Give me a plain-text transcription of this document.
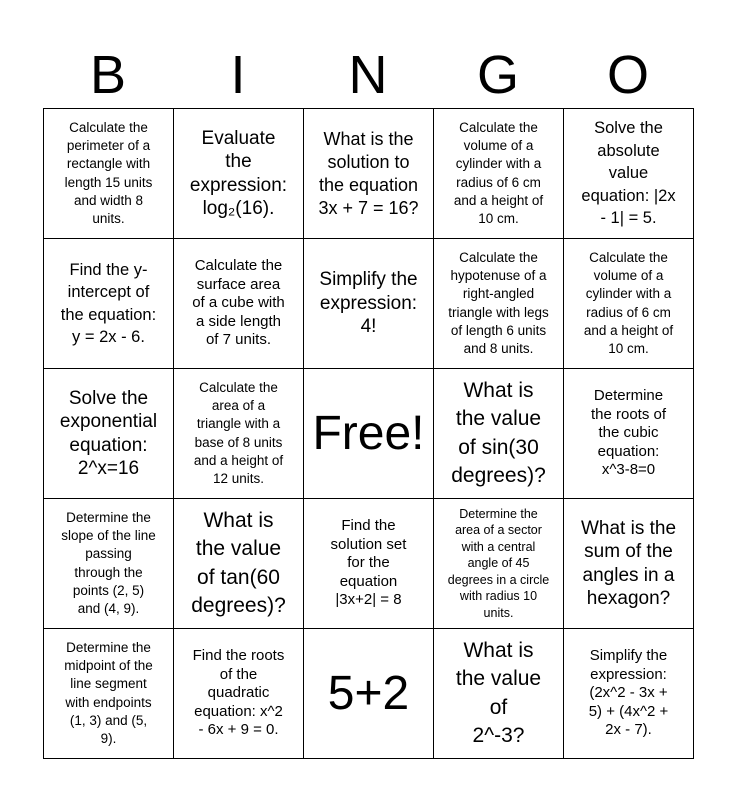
B	I	N	G	O
Calculate the
perimeter of a
rectangle with
length 15 units
and width 8
units.
Evaluate
the
expression:
log₂(16).
What is the
solution to
the equation
3x + 7 = 16?
Calculate the
volume of a
cylinder with a
radius of 6 cm
and a height of
10 cm.
Solve the
absolute
value
equation: |2x
- 1| = 5.
Find the y-
intercept of
the equation:
y = 2x - 6.
Calculate the
surface area
of a cube with
a side length
of 7 units.
Simplify the
expression:
4!
Calculate the
hypotenuse of a
right-angled
triangle with legs
of length 6 units
and 8 units.
Calculate the
volume of a
cylinder with a
radius of 6 cm
and a height of
10 cm.
Solve the
exponential
equation:
2^x=16
Calculate the
area of a
triangle with a
base of 8 units
and a height of
12 units.
Free!
What is
the value
of sin(30
degrees)?
Determine
the roots of
the cubic
equation:
x^3-8=0
Determine the
slope of the line
passing
through the
points (2, 5)
and (4, 9).
What is
the value
of tan(60
degrees)?
Find the
solution set
for the
equation
|3x+2| = 8
Determine the
area of a sector
with a central
angle of 45
degrees in a circle
with radius 10
units.
What is the
sum of the
angles in a
hexagon?
Determine the
midpoint of the
line segment
with endpoints
(1, 3) and (5,
9).
Find the roots
of the
quadratic
equation: x^2
- 6x + 9 = 0.
5+2
What is
the value
of
2^-3?
Simplify the
expression:
(2x^2 - 3x +
5) + (4x^2 +
2x - 7).
